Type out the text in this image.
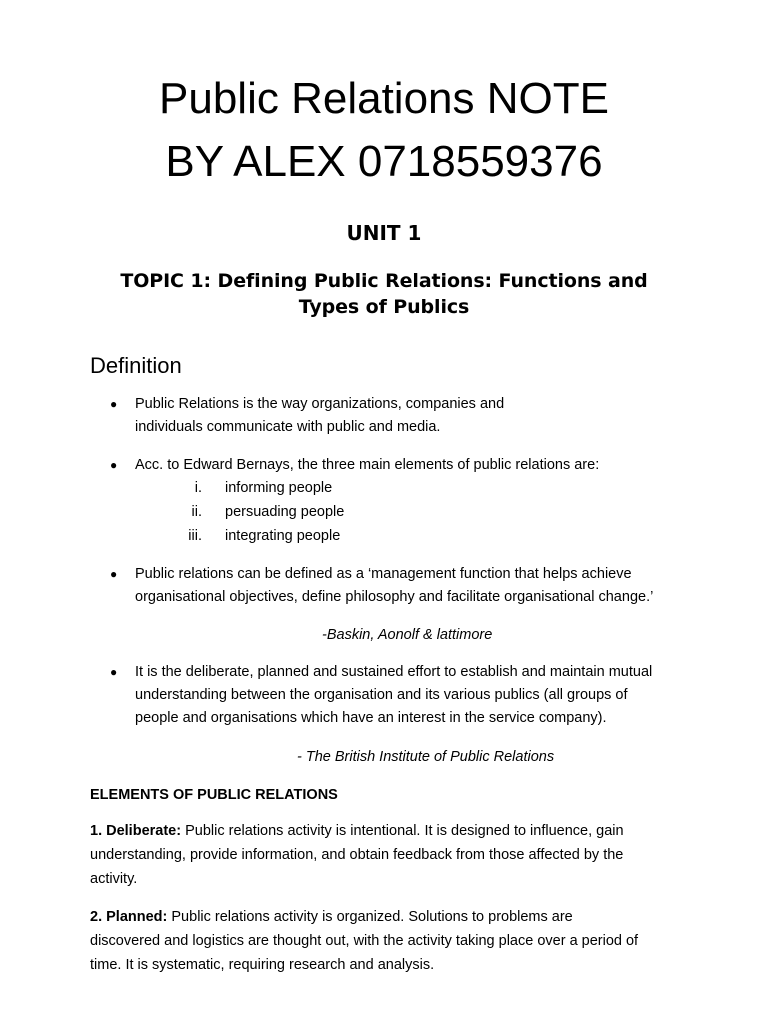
Public Relations NOTE
BY ALEX 0718559376
UNIT 1
TOPIC 1: Defining Public Relations: Functions and Types of Publics
Definition
● Public Relations is the way organizations, companies and
individuals communicate with public and media.
● Acc. to Edward Bernays, the three main elements of public relations are:
i. informing people
ii. persuading people
iii. integrating people
● Public relations can be defined as a ‘management function that helps achieve
organisational objectives, define philosophy and facilitate organisational change.’
-Baskin, Aonolf & lattimore
● It is the deliberate, planned and sustained effort to establish and maintain mutual
understanding between the organisation and its various publics (all groups of
people and organisations which have an interest in the service company).
- The British Institute of Public Relations
ELEMENTS OF PUBLIC RELATIONS
1. Deliberate: Public relations activity is intentional. It is designed to influence, gain
understanding, provide information, and obtain feedback from those affected by the
activity.
2. Planned: Public relations activity is organized. Solutions to problems are
discovered and logistics are thought out, with the activity taking place over a period of
time. It is systematic, requiring research and analysis.
